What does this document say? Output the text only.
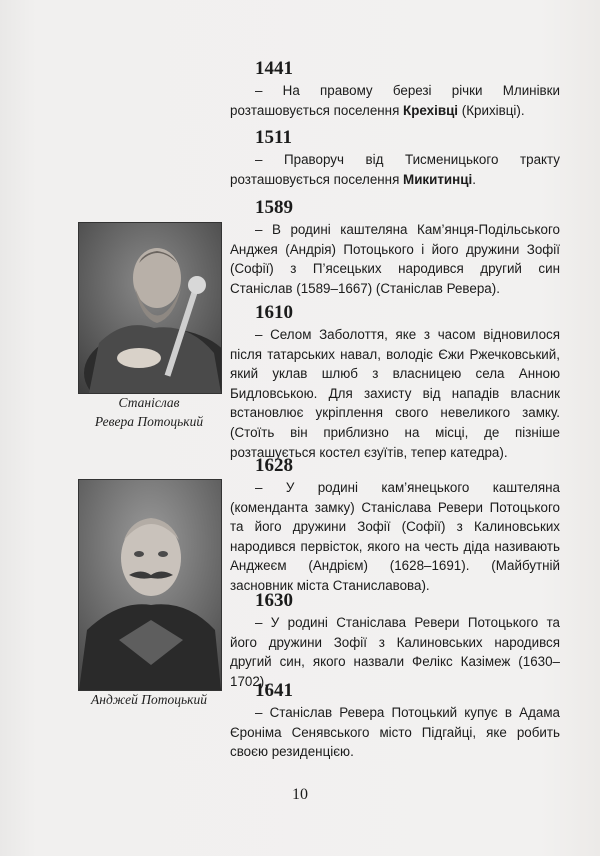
Станіслав
Ревера Потоцький
Анджей Потоцький
1441

– На правому березі річки Млинівки розташовується поселення Крехівці (Крихівці).

1511

– Праворуч від Тисменицького тракту розташовується поселення Микитинці.

1589

– В родині каштеляна Кам’янця-Подільського Анджея (Андрія) Потоцького і його дружини Зофії (Софії) з П’ясецьких народився другий син Станіслав (1589–1667) (Станіслав Ревера).

1610

– Селом Заболоття, яке з часом відновилося після татарських навал, володіє Єжи Ржечковський, який уклав шлюб з власницею села Анною Бидловською. Для захисту від нападів власник встановлює укріплення свого невеликого замку. (Стоїть він приблизно на місці, де пізніше розташується костел єзуїтів, тепер катедра).

1628

– У родині кам’янецького каштеляна (коменданта замку) Станіслава Ревери Потоцького та його дружини Зофії (Софії) з Калиновських народився первісток, якого на честь діда називають Анджеєм (Андрієм) (1628–1691). (Майбутній засновник міста Станиславова).

1630

– У родині Станіслава Ревери Потоцького та його дружини Зофії з Калиновських народився другий син, якого назвали Фелікс Казімеж (1630–1702).

1641

– Станіслав Ревера Потоцький купує в Адама Єроніма Сенявського місто Підгайці, яке робить своєю резиденцією.

10
